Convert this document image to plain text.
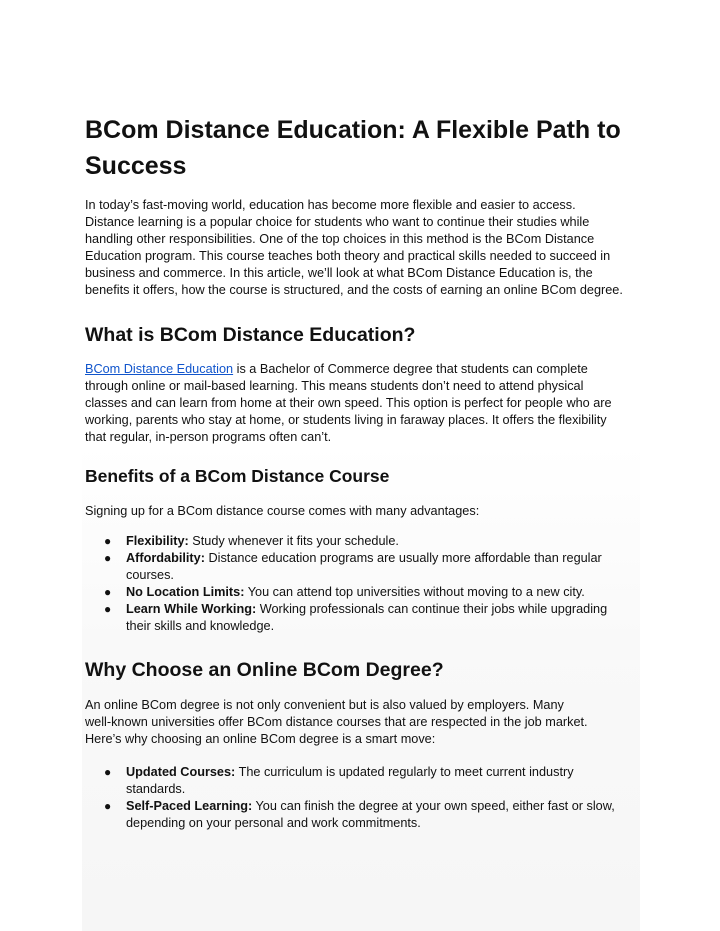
BCom Distance Education: A Flexible Path to Success

In today’s fast-moving world, education has become more flexible and easier to access.
Distance learning is a popular choice for students who want to continue their studies while
handling other responsibilities. One of the top choices in this method is the BCom Distance
Education program. This course teaches both theory and practical skills needed to succeed in
business and commerce. In this article, we’ll look at what BCom Distance Education is, the
benefits it offers, how the course is structured, and the costs of earning an online BCom degree.

What is BCom Distance Education?

BCom Distance Education is a Bachelor of Commerce degree that students can complete
through online or mail-based learning. This means students don’t need to attend physical
classes and can learn from home at their own speed. This option is perfect for people who are
working, parents who stay at home, or students living in faraway places. It offers the flexibility
that regular, in-person programs often can’t.

Benefits of a BCom Distance Course

Signing up for a BCom distance course comes with many advantages:

● Flexibility: Study whenever it fits your schedule.
● Affordability: Distance education programs are usually more affordable than regular
courses.
● No Location Limits: You can attend top universities without moving to a new city.
● Learn While Working: Working professionals can continue their jobs while upgrading
their skills and knowledge.
Why Choose an Online BCom Degree?

An online BCom degree is not only convenient but is also valued by employers. Many
well-known universities offer BCom distance courses that are respected in the job market.
Here’s why choosing an online BCom degree is a smart move:

● Updated Courses: The curriculum is updated regularly to meet current industry
standards.
● Self-Paced Learning: You can finish the degree at your own speed, either fast or slow,
depending on your personal and work commitments.
